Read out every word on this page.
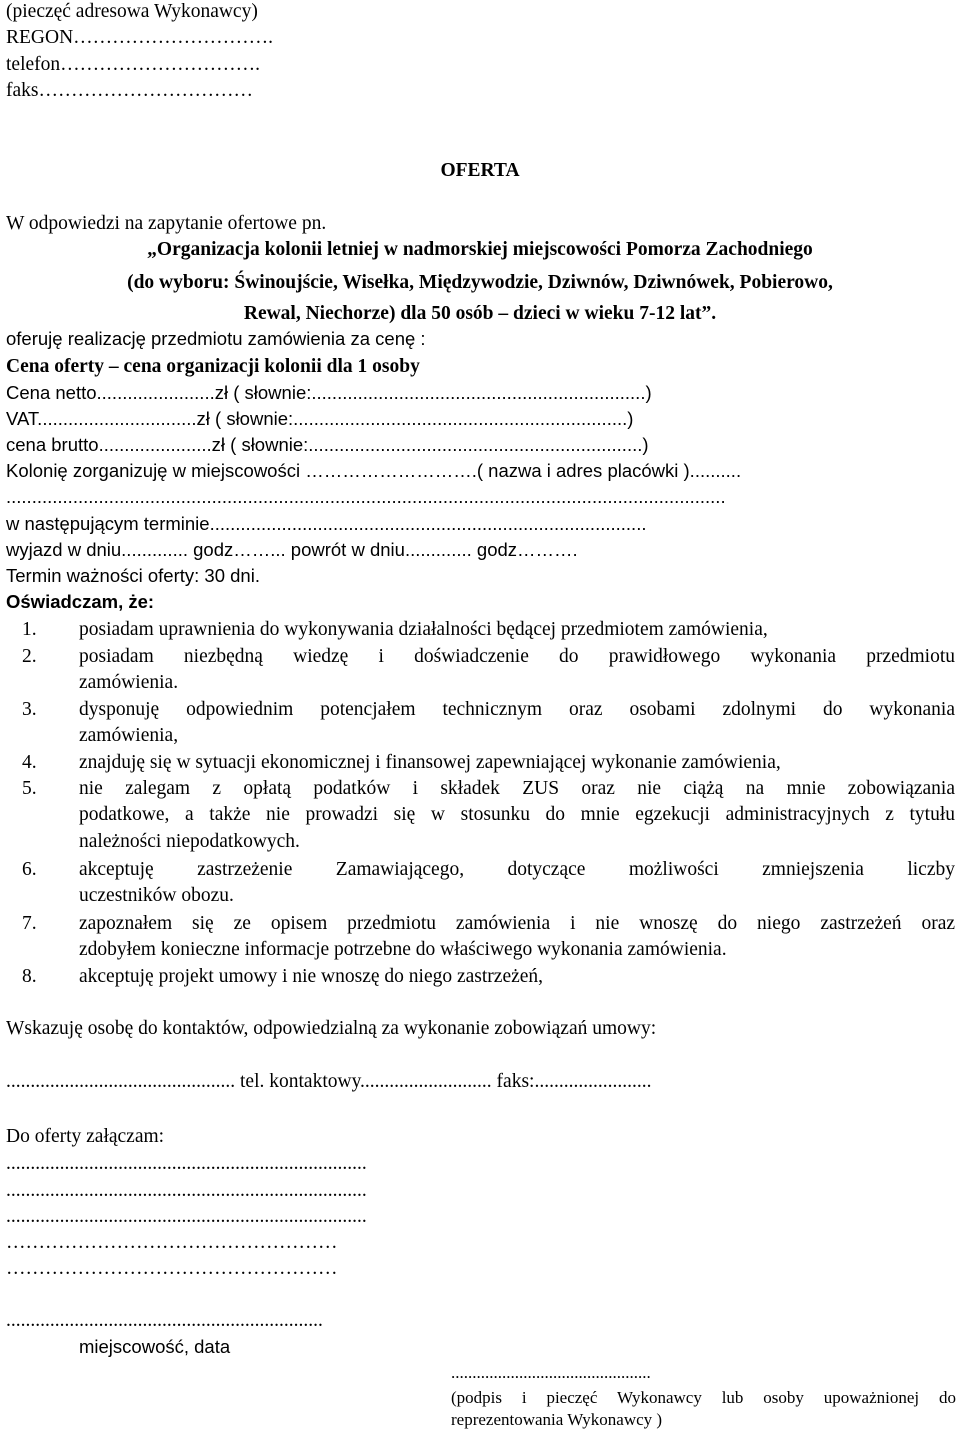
(pieczęć adresowa Wykonawcy)
REGON………………………….
telefon………………………….
faks……………………………
OFERTA
W odpowiedzi na zapytanie ofertowe pn.
„Organizacja kolonii letniej w nadmorskiej miejscowości Pomorza Zachodniego
(do wyboru: Świnoujście, Wisełka, Międzywodzie, Dziwnów, Dziwnówek, Pobierowo,
Rewal, Niechorze) dla 50 osób – dzieci w wieku 7-12 lat”.
oferuję realizację przedmiotu zamówienia za cenę :
Cena oferty – cena organizacji kolonii dla 1 osoby
Cena netto.......................zł ( słownie:.................................................................)
VAT...............................zł ( słownie:.................................................................)
cena brutto......................zł ( słownie:.................................................................)
Kolonię zorganizuję w miejscowości ……………………….( nazwa i adres placówki )..........
............................................................................................................................................
w następującym terminie.....................................................................................
wyjazd w dniu............. godz……... powrót w dniu............. godz……….
Termin ważności oferty: 30 dni.
Oświadczam, że:
1. posiadam uprawnienia do wykonywania działalności będącej przedmiotem zamówienia,
2. posiadam niezbędną wiedzę i doświadczenie do prawidłowego wykonania przedmiotu
zamówienia.
3. dysponuję odpowiednim potencjałem technicznym oraz osobami zdolnymi do wykonania
zamówienia,
4. znajduję się w sytuacji ekonomicznej i finansowej zapewniającej wykonanie zamówienia,
5. nie zalegam z opłatą podatków i składek ZUS oraz nie ciążą na mnie zobowiązania
podatkowe, a także nie prowadzi się w stosunku do mnie egzekucji administracyjnych z tytułu
należności niepodatkowych.
6. akceptuję zastrzeżenie Zamawiającego, dotyczące możliwości zmniejszenia liczby
uczestników obozu.
7. zapoznałem się ze opisem przedmiotu zamówienia i nie wnoszę do niego zastrzeżeń oraz
zdobyłem konieczne informacje potrzebne do właściwego wykonania zamówienia.
8. akceptuję projekt umowy i nie wnoszę do niego zastrzeżeń,
Wskazuję osobę do kontaktów, odpowiedzialną za wykonanie zobowiązań umowy:
............................................... tel. kontaktowy........................... faks:........................
Do oferty załączam:
..........................................................................
..........................................................................
..........................................................................
……………………………………………
……………………………………………
.................................................................
miejscowość, data
...............................................
(podpis i pieczęć Wykonawcy lub osoby upoważnionej do
reprezentowania Wykonawcy )
